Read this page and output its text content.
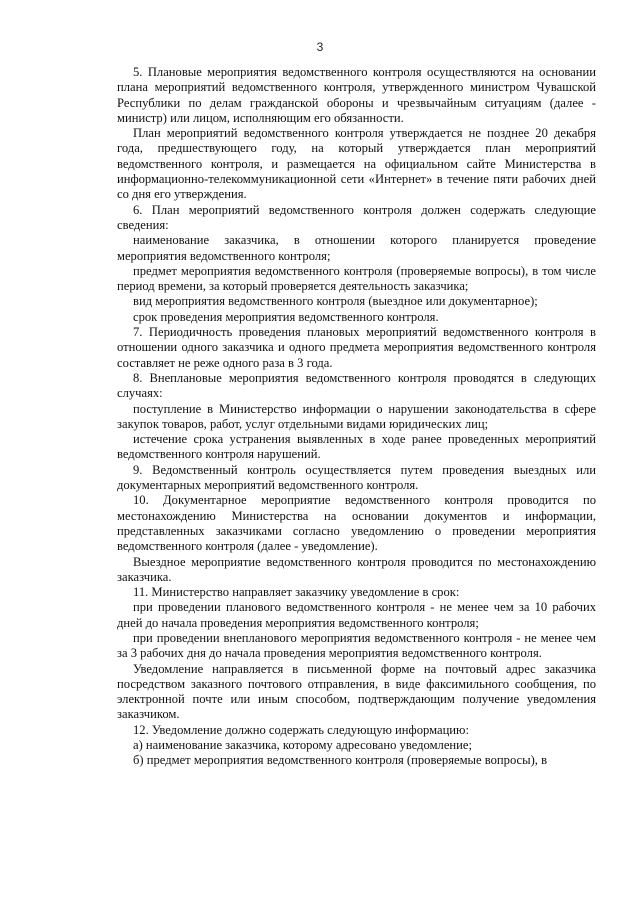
3

5. Плановые мероприятия ведомственного контроля осуществляются на основании плана мероприятий ведомственного контроля, утвержденного министром Чувашской Республики по делам гражданской обороны и чрезвычайным ситуациям (далее - министр) или лицом, исполняющим его обязанности.

План мероприятий ведомственного контроля утверждается не позднее 20 декабря года, предшествующего году, на который утверждается план мероприятий ведомственного контроля, и размещается на официальном сайте Министерства в информационно-телекоммуникационной сети «Интернет» в течение пяти рабочих дней со дня его утверждения.

6. План мероприятий ведомственного контроля должен содержать следующие сведения:

наименование заказчика, в отношении которого планируется проведение мероприятия ведомственного контроля;

предмет мероприятия ведомственного контроля (проверяемые вопросы), в том числе период времени, за который проверяется деятельность заказчика;

вид мероприятия ведомственного контроля (выездное или документарное);

срок проведения мероприятия ведомственного контроля.

7. Периодичность проведения плановых мероприятий ведомственного контроля в отношении одного заказчика и одного предмета мероприятия ведомственного контроля составляет не реже одного раза в 3 года.

8. Внеплановые мероприятия ведомственного контроля проводятся в следующих случаях:

поступление в Министерство информации о нарушении законодательства в сфере закупок товаров, работ, услуг отдельными видами юридических лиц;

истечение срока устранения выявленных в ходе ранее проведенных мероприятий ведомственного контроля нарушений.

9. Ведомственный контроль осуществляется путем проведения выездных или документарных мероприятий ведомственного контроля.

10. Документарное мероприятие ведомственного контроля проводится по местонахождению Министерства на основании документов и информации, представленных заказчиками согласно уведомлению о проведении мероприятия ведомственного контроля (далее - уведомление).

Выездное мероприятие ведомственного контроля проводится по местонахождению заказчика.

11. Министерство направляет заказчику уведомление в срок:

при проведении планового ведомственного контроля - не менее чем за 10 рабочих дней до начала проведения мероприятия ведомственного контроля;

при проведении внепланового мероприятия ведомственного контроля - не менее чем за 3 рабочих дня до начала проведения мероприятия ведомственного контроля.

Уведомление направляется в письменной форме на почтовый адрес заказчика посредством заказного почтового отправления, в виде факсимильного сообщения, по электронной почте или иным способом, подтверждающим получение уведомления заказчиком.

12. Уведомление должно содержать следующую информацию:

а) наименование заказчика, которому адресовано уведомление;

б) предмет мероприятия ведомственного контроля (проверяемые вопросы), в
